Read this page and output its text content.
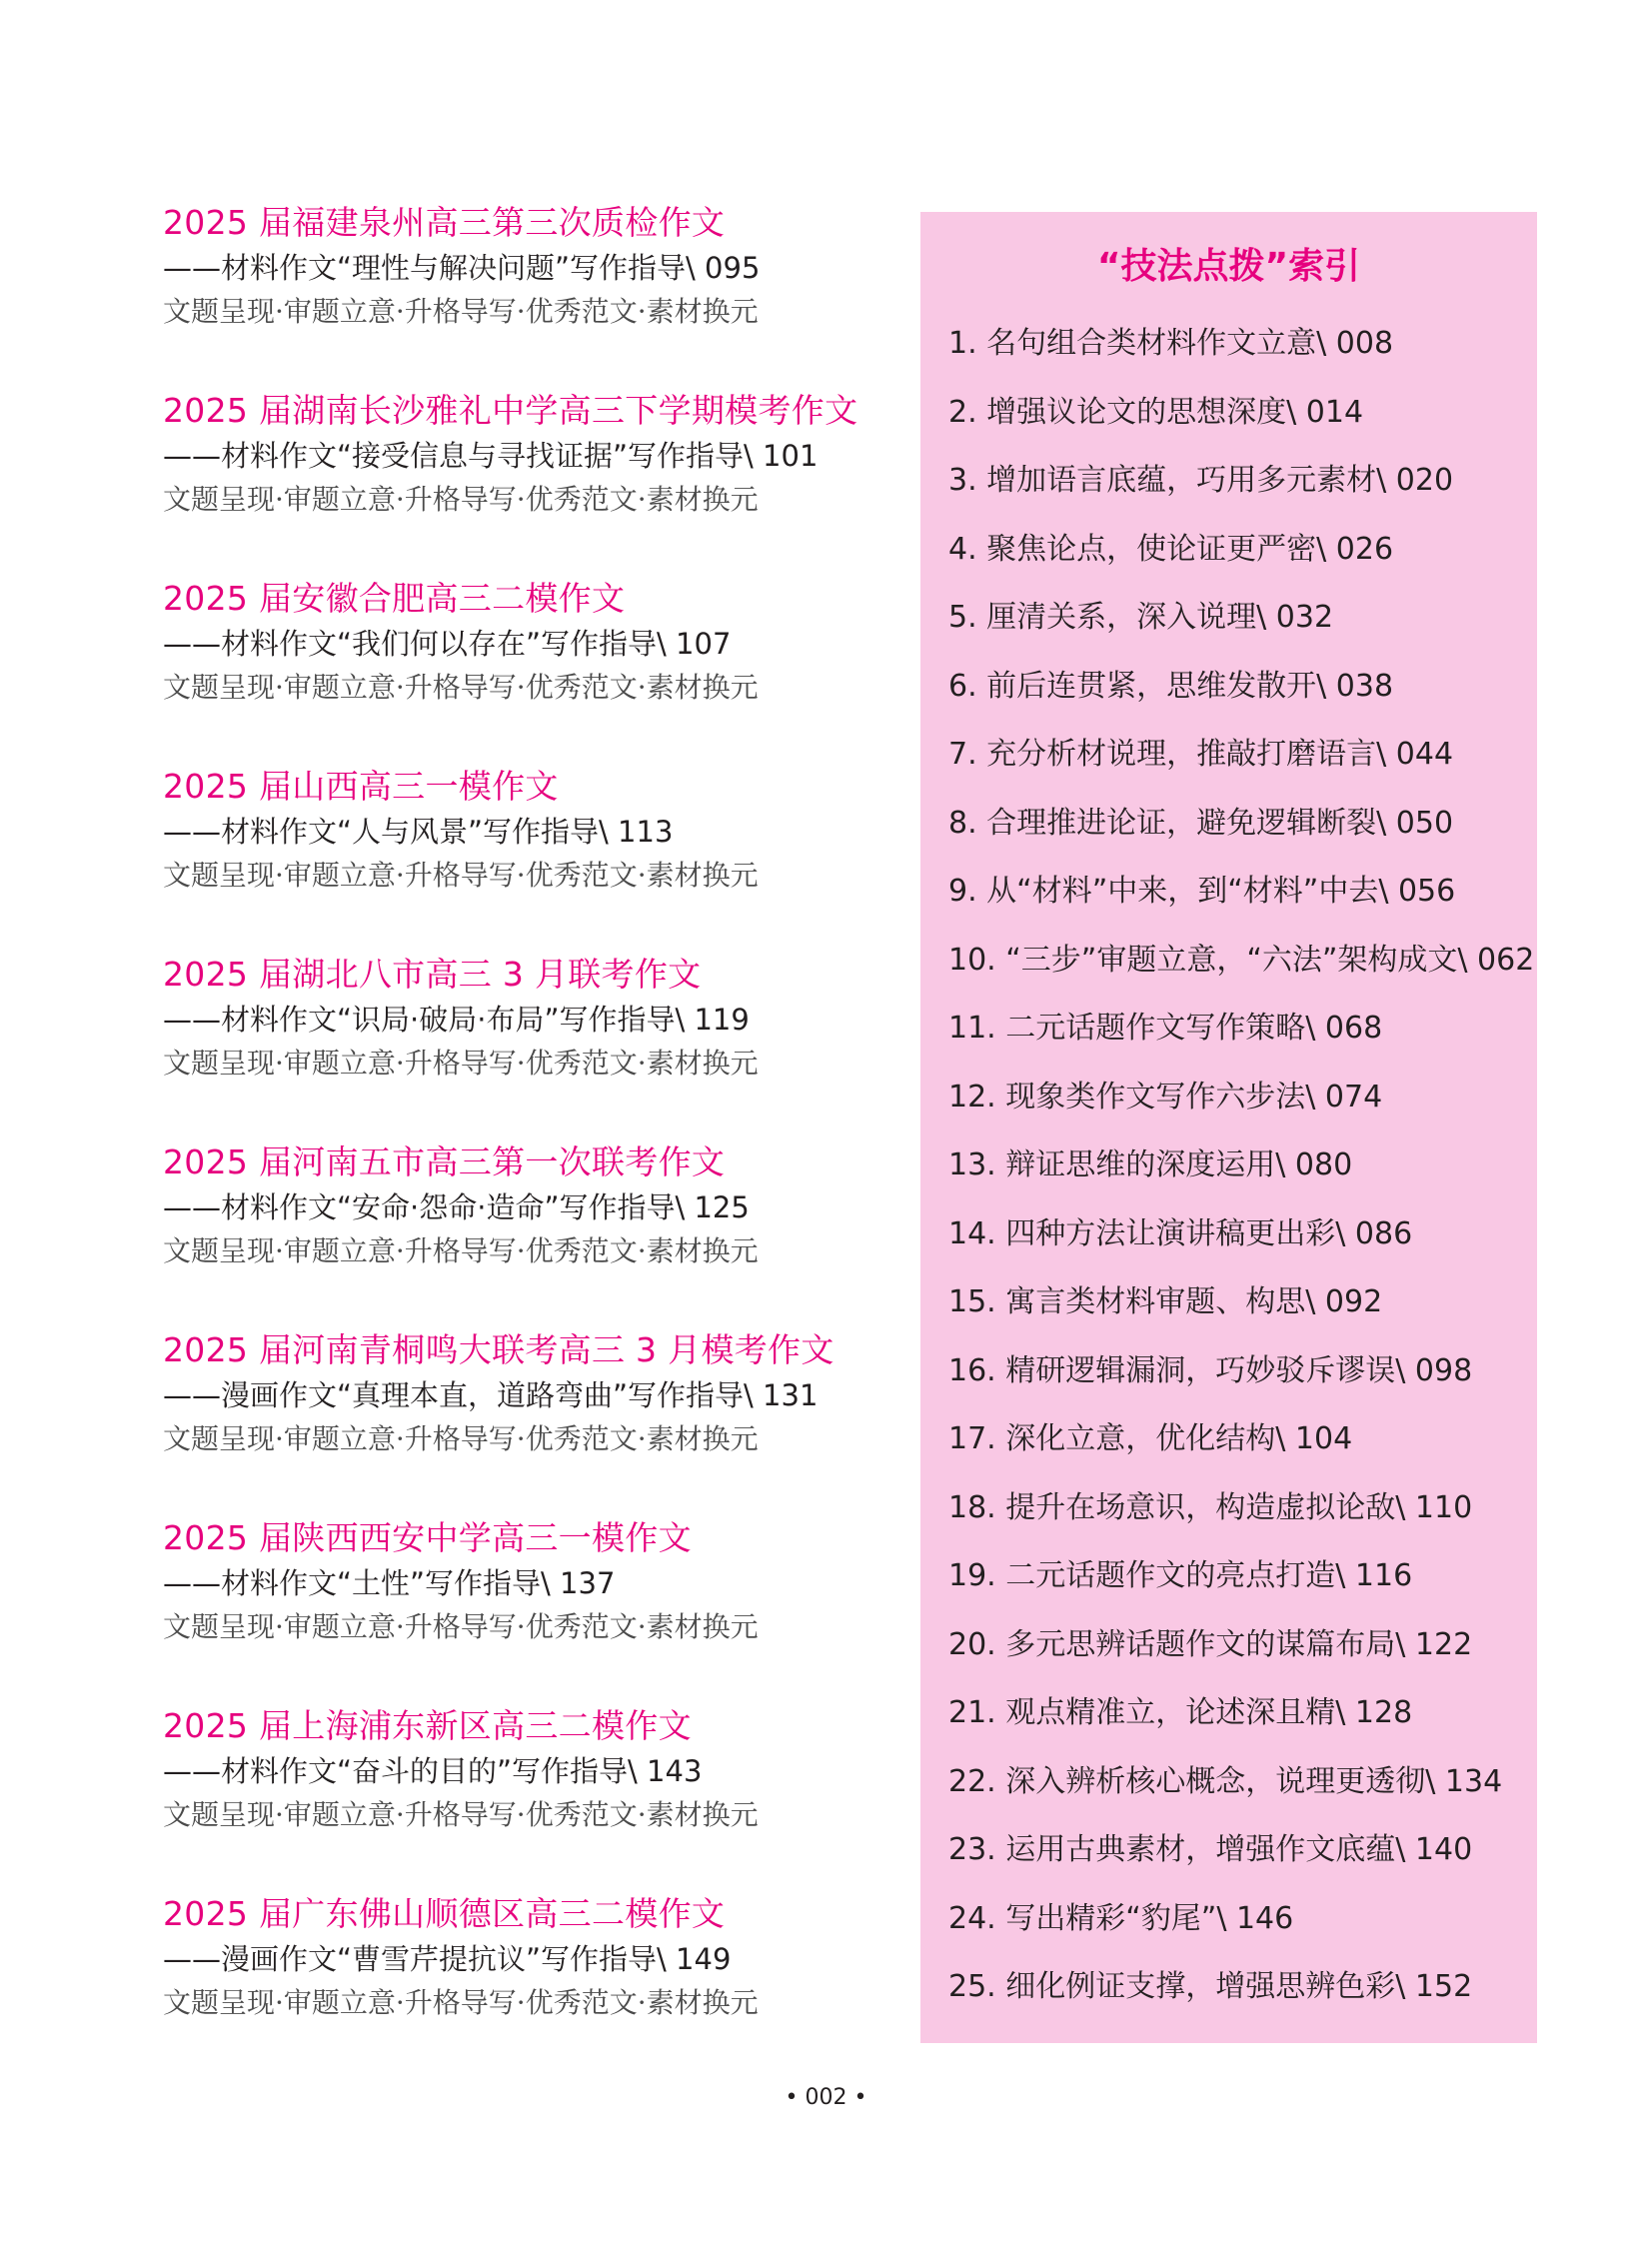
2025 届福建泉州高三第三次质检作文
——材料作文“理性与解决问题”写作指导\ 095
文题呈现·审题立意·升格导写·优秀范文·素材换元
2025 届湖南长沙雅礼中学高三下学期模考作文
——材料作文“接受信息与寻找证据”写作指导\ 101
文题呈现·审题立意·升格导写·优秀范文·素材换元
2025 届安徽合肥高三二模作文
——材料作文“我们何以存在”写作指导\ 107
文题呈现·审题立意·升格导写·优秀范文·素材换元
2025 届山西高三一模作文
——材料作文“人与风景”写作指导\ 113
文题呈现·审题立意·升格导写·优秀范文·素材换元
2025 届湖北八市高三 3 月联考作文
——材料作文“识局·破局·布局”写作指导\ 119
文题呈现·审题立意·升格导写·优秀范文·素材换元
2025 届河南五市高三第一次联考作文
——材料作文“安命·怨命·造命”写作指导\ 125
文题呈现·审题立意·升格导写·优秀范文·素材换元
2025 届河南青桐鸣大联考高三 3 月模考作文
——漫画作文“真理本直，道路弯曲”写作指导\ 131
文题呈现·审题立意·升格导写·优秀范文·素材换元
2025 届陕西西安中学高三一模作文
——材料作文“土性”写作指导\ 137
文题呈现·审题立意·升格导写·优秀范文·素材换元
2025 届上海浦东新区高三二模作文
——材料作文“奋斗的目的”写作指导\ 143
文题呈现·审题立意·升格导写·优秀范文·素材换元
2025 届广东佛山顺德区高三二模作文
——漫画作文“曹雪芹提抗议”写作指导\ 149
文题呈现·审题立意·升格导写·优秀范文·素材换元
“技法点拨”索引
1. 名句组合类材料作文立意\ 008
2. 增强议论文的思想深度\ 014
3. 增加语言底蕴，巧用多元素材\ 020
4. 聚焦论点，使论证更严密\ 026
5. 厘清关系，深入说理\ 032
6. 前后连贯紧，思维发散开\ 038
7. 充分析材说理，推敲打磨语言\ 044
8. 合理推进论证，避免逻辑断裂\ 050
9. 从“材料”中来，到“材料”中去\ 056
10. “三步”审题立意，“六法”架构成文\ 062
11. 二元话题作文写作策略\ 068
12. 现象类作文写作六步法\ 074
13. 辩证思维的深度运用\ 080
14. 四种方法让演讲稿更出彩\ 086
15. 寓言类材料审题、构思\ 092
16. 精研逻辑漏洞，巧妙驳斥谬误\ 098
17. 深化立意，优化结构\ 104
18. 提升在场意识，构造虚拟论敌\ 110
19. 二元话题作文的亮点打造\ 116
20. 多元思辨话题作文的谋篇布局\ 122
21. 观点精准立，论述深且精\ 128
22. 深入辨析核心概念，说理更透彻\ 134
23. 运用古典素材，增强作文底蕴\ 140
24. 写出精彩“豹尾”\ 146
25. 细化例证支撑，增强思辨色彩\ 152
• 002 •
